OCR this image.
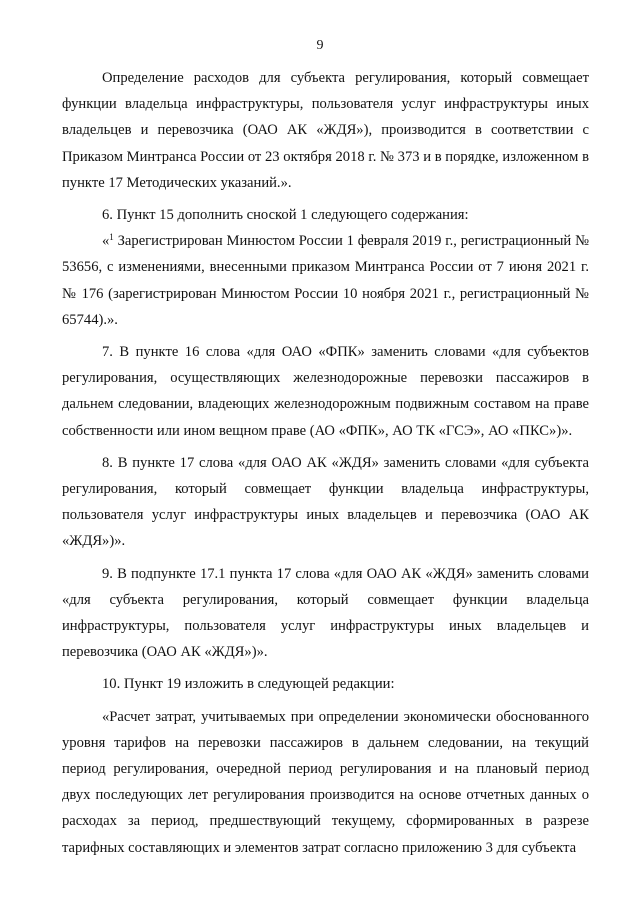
9

Определение расходов для субъекта регулирования, который совмещает функции владельца инфраструктуры, пользователя услуг инфраструктуры иных владельцев и перевозчика (ОАО АК «ЖДЯ»), производится в соответствии с Приказом Минтранса России от 23 октября 2018 г. № 373 и в порядке, изложенном в пункте 17 Методических указаний.».

6. Пункт 15 дополнить сноской 1 следующего содержания:

«$^1$ Зарегистрирован Минюстом России 1 февраля 2019 г., регистрационный № 53656, с изменениями, внесенными приказом Минтранса России от 7 июня 2021 г. № 176 (зарегистрирован Минюстом России 10 ноября 2021 г., регистрационный № 65744).».

7. В пункте 16 слова «для ОАО «ФПК» заменить словами «для субъектов регулирования, осуществляющих железнодорожные перевозки пассажиров в дальнем следовании, владеющих железнодорожным подвижным составом на праве собственности или ином вещном праве (АО «ФПК», АО ТК «ГСЭ», АО «ПКС»)».

8. В пункте 17 слова «для ОАО АК «ЖДЯ» заменить словами «для субъекта регулирования, который совмещает функции владельца инфраструктуры, пользователя услуг инфраструктуры иных владельцев и перевозчика (ОАО АК «ЖДЯ»)».

9. В подпункте 17.1 пункта 17 слова «для ОАО АК «ЖДЯ» заменить словами «для субъекта регулирования, который совмещает функции владельца инфраструктуры, пользователя услуг инфраструктуры иных владельцев и перевозчика (ОАО АК «ЖДЯ»)».

10. Пункт 19 изложить в следующей редакции:

«Расчет затрат, учитываемых при определении экономически обоснованного уровня тарифов на перевозки пассажиров в дальнем следовании, на текущий период регулирования, очередной период регулирования и на плановый период двух последующих лет регулирования производится на основе отчетных данных о расходах за период, предшествующий текущему, сформированных в разрезе тарифных составляющих и элементов затрат согласно приложению 3 для субъекта
